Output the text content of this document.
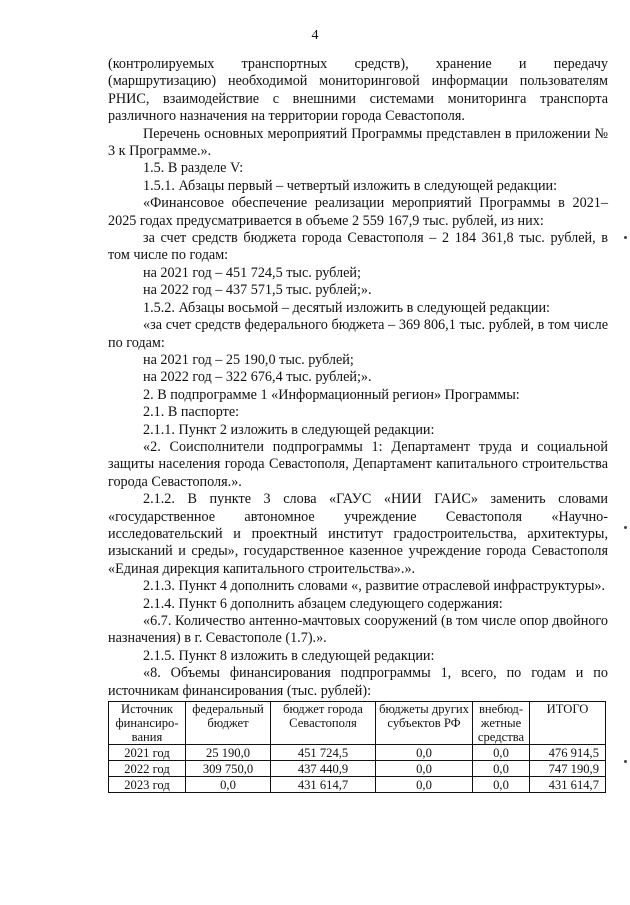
4

(контролируемых транспортных средств), хранение и передачу

(маршрутизацию) необходимой мониторинговой информации пользователям РНИС, взаимодействие с внешними системами мониторинга транспорта различного назначения на территории города Севастополя.

Перечень основных мероприятий Программы представлен в приложении № 3 к Программе.».

1.5. В разделе V:

1.5.1. Абзацы первый – четвертый изложить в следующей редакции:

«Финансовое обеспечение реализации мероприятий Программы в 2021–2025 годах предусматривается в объеме 2 559 167,9 тыс. рублей, из них:

за счет средств бюджета города Севастополя – 2 184 361,8 тыс. рублей, в том числе по годам:

на 2021 год – 451 724,5 тыс. рублей;

на 2022 год – 437 571,5 тыс. рублей;».

1.5.2. Абзацы восьмой – десятый изложить в следующей редакции:

«за счет средств федерального бюджета – 369 806,1 тыс. рублей, в том числе по годам:

на 2021 год – 25 190,0 тыс. рублей;

на 2022 год – 322 676,4 тыс. рублей;».

2. В подпрограмме 1 «Информационный регион» Программы:

2.1. В паспорте:

2.1.1. Пункт 2 изложить в следующей редакции:

«2. Соисполнители подпрограммы 1: Департамент труда и социальной защиты населения города Севастополя, Департамент капитального строительства города Севастополя.».

2.1.2. В пункте 3 слова «ГАУС «НИИ ГАИС» заменить словами «государственное автономное учреждение Севастополя «Научно-исследовательский и проектный институт градостроительства, архитектуры, изысканий и среды», государственное казенное учреждение города Севастополя «Единая дирекция капитального строительства».».

2.1.3. Пункт 4 дополнить словами «, развитие отраслевой инфраструктуры».

2.1.4. Пункт 6 дополнить абзацем следующего содержания:

«6.7. Количество антенно-мачтовых сооружений (в том числе опор двойного назначения) в г. Севастополе (1.7).».

2.1.5. Пункт 8 изложить в следующей редакции:

«8. Объемы финансирования подпрограммы 1, всего, по годам и по источникам финансирования (тыс. рублей):

Источник финансиро-вания	федеральный бюджет	бюджет города Севастополя	бюджеты других субъектов РФ	внебюд-жетные средства	ИТОГО
2021 год	25 190,0	451 724,5	0,0	0,0	476 914,5
2022 год	309 750,0	437 440,9	0,0	0,0	747 190,9
2023 год	0,0	431 614,7	0,0	0,0	431 614,7
